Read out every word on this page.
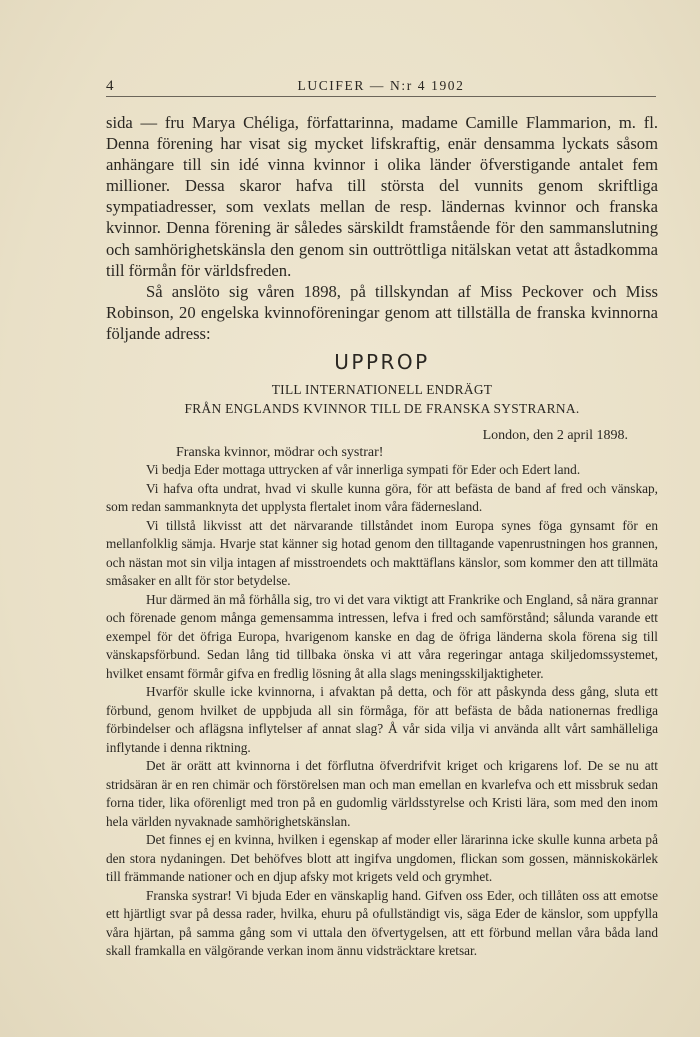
4	LUCIFER — N:r 4 1902

sida — fru Marya Chéliga, författarinna, madame Camille Flammarion, m. fl. Denna förening har visat sig mycket lifskraftig, enär densamma lyckats såsom anhängare till sin idé vinna kvinnor i olika länder öfverstigande antalet fem millioner. Dessa skaror hafva till största del vunnits genom skriftliga sympatiadresser, som vexlats mellan de resp. ländernas kvinnor och franska kvinnor. Denna förening är således särskildt framstående för den sammanslutning och samhörighetskänsla den genom sin outtröttliga nitälskan vetat att åstadkomma till förmån för världsfreden.

Så anslöto sig våren 1898, på tillskyndan af Miss Peckover och Miss Robinson, 20 engelska kvinnoföreningar genom att tillställa de franska kvinnorna följande adress:

UPPROP
TILL INTERNATIONELL ENDRÄGT
FRÅN ENGLANDS KVINNOR TILL DE FRANSKA SYSTRARNA.
London, den 2 april 1898.
Franska kvinnor, mödrar och systrar!

Vi bedja Eder mottaga uttrycken af vår innerliga sympati för Eder och Edert land.

Vi hafva ofta undrat, hvad vi skulle kunna göra, för att befästa de band af fred och vänskap, som redan sammanknyta det upplysta flertalet inom våra fädernesland.

Vi tillstå likvisst att det närvarande tillståndet inom Europa synes föga gynsamt för en mellanfolklig sämja. Hvarje stat känner sig hotad genom den tilltagande vapenrustningen hos grannen, och nästan mot sin vilja intagen af misstroendets och makttäflans känslor, som kommer den att tillmäta småsaker en allt för stor betydelse.

Hur därmed än må förhålla sig, tro vi det vara viktigt att Frankrike och England, så nära grannar och förenade genom många gemensamma intressen, lefva i fred och samförstånd; sålunda varande ett exempel för det öfriga Europa, hvarigenom kanske en dag de öfriga länderna skola förena sig till vänskapsförbund. Sedan lång tid tillbaka önska vi att våra regeringar antaga skiljedomssystemet, hvilket ensamt förmår gifva en fredlig lösning åt alla slags meningsskiljaktigheter.

Hvarför skulle icke kvinnorna, i afvaktan på detta, och för att påskynda dess gång, sluta ett förbund, genom hvilket de uppbjuda all sin förmåga, för att befästa de båda nationernas fredliga förbindelser och aflägsna inflytelser af annat slag? Å vår sida vilja vi använda allt vårt samhälleliga inflytande i denna riktning.

Det är orätt att kvinnorna i det förflutna öfverdrifvit kriget och krigarens lof. De se nu att stridsäran är en ren chimär och förstörelsen man och man emellan en kvarlefva och ett missbruk sedan forna tider, lika oförenligt med tron på en gudomlig världsstyrelse och Kristi lära, som med den inom hela världen nyvaknade samhörighetskänslan.

Det finnes ej en kvinna, hvilken i egenskap af moder eller lärarinna icke skulle kunna arbeta på den stora nydaningen. Det behöfves blott att ingifva ungdomen, flickan som gossen, människokärlek till främmande nationer och en djup afsky mot krigets veld och grymhet.

Franska systrar! Vi bjuda Eder en vänskaplig hand. Gifven oss Eder, och tillåten oss att emotse ett hjärtligt svar på dessa rader, hvilka, ehuru på ofullständigt vis, säga Eder de känslor, som uppfylla våra hjärtan, på samma gång som vi uttala den öfvertygelsen, att ett förbund mellan våra båda land skall framkalla en välgörande verkan inom ännu vidsträcktare kretsar.
